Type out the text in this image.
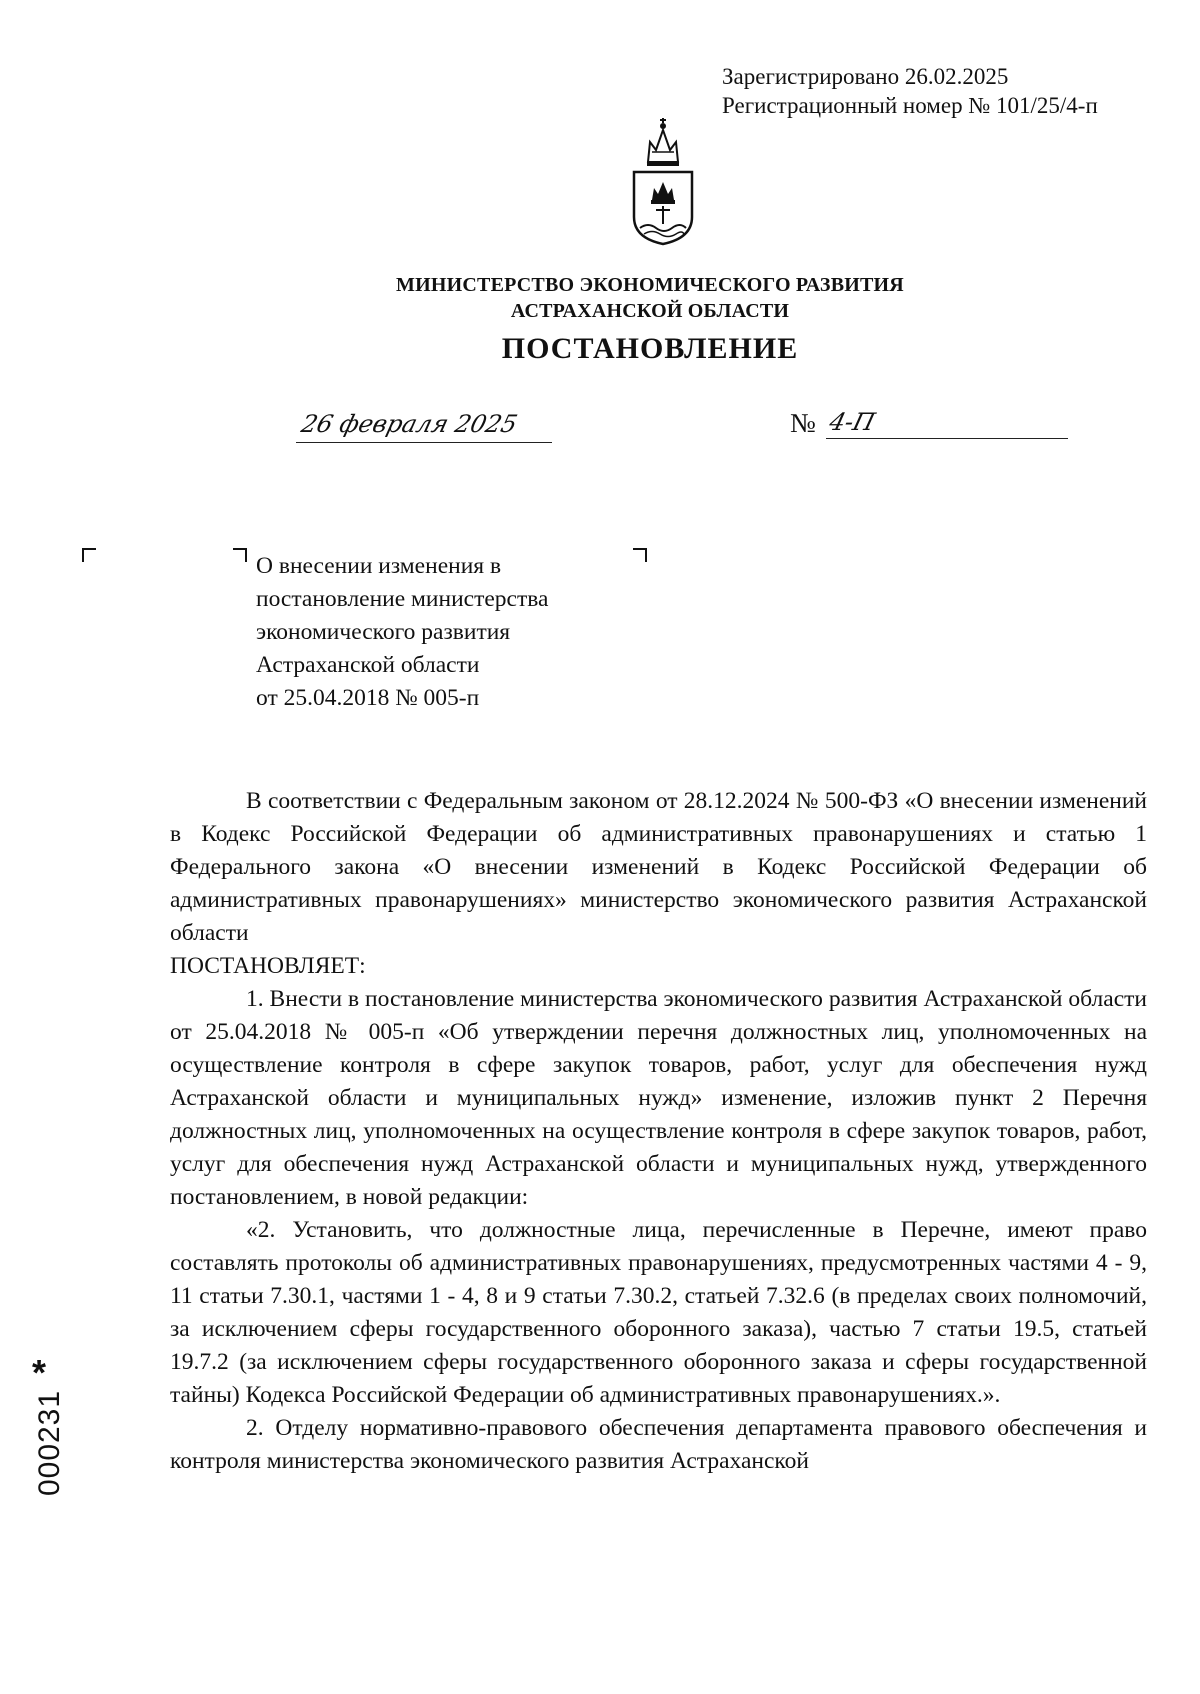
Зарегистрировано 26.02.2025
Регистрационный номер № 101/25/4-п
МИНИСТЕРСТВО ЭКОНОМИЧЕСКОГО РАЗВИТИЯ
АСТРАХАНСКОЙ ОБЛАСТИ
ПОСТАНОВЛЕНИЕ
26 февраля 2025	№ 4-П
О внесении изменения в
постановление министерства
экономического развития
Астраханской области
от 25.04.2018 № 005-п

В соответствии с Федеральным законом от 28.12.2024 № 500-ФЗ «О внесении изменений в Кодекс Российской Федерации об административных правонарушениях и статью 1 Федерального закона «О внесении изменений в Кодекс Российской Федерации об административных правонарушениях» министерство экономического развития Астраханской области

ПОСТАНОВЛЯЕТ:

1. Внести в постановление министерства экономического развития Астраханской области от 25.04.2018 № 005-п «Об утверждении перечня должностных лиц, уполномоченных на осуществление контроля в сфере закупок товаров, работ, услуг для обеспечения нужд Астраханской области и муниципальных нужд» изменение, изложив пункт 2 Перечня должностных лиц, уполномоченных на осуществление контроля в сфере закупок товаров, работ, услуг для обеспечения нужд Астраханской области и муниципальных нужд, утвержденного постановлением, в новой редакции:

«2. Установить, что должностные лица, перечисленные в Перечне, имеют право составлять протоколы об административных правонарушениях, предусмотренных частями 4 - 9, 11 статьи 7.30.1, частями 1 - 4, 8 и 9 статьи 7.30.2, статьей 7.32.6 (в пределах своих полномочий, за исключением сферы государственного оборонного заказа), частью 7 статьи 19.5, статьей 19.7.2 (за исключением сферы государственного оборонного заказа и сферы государственной тайны) Кодекса Российской Федерации об административных правонарушениях.».

2. Отделу нормативно-правового обеспечения департамента правового обеспечения и контроля министерства экономического развития Астраханской

*
000231
